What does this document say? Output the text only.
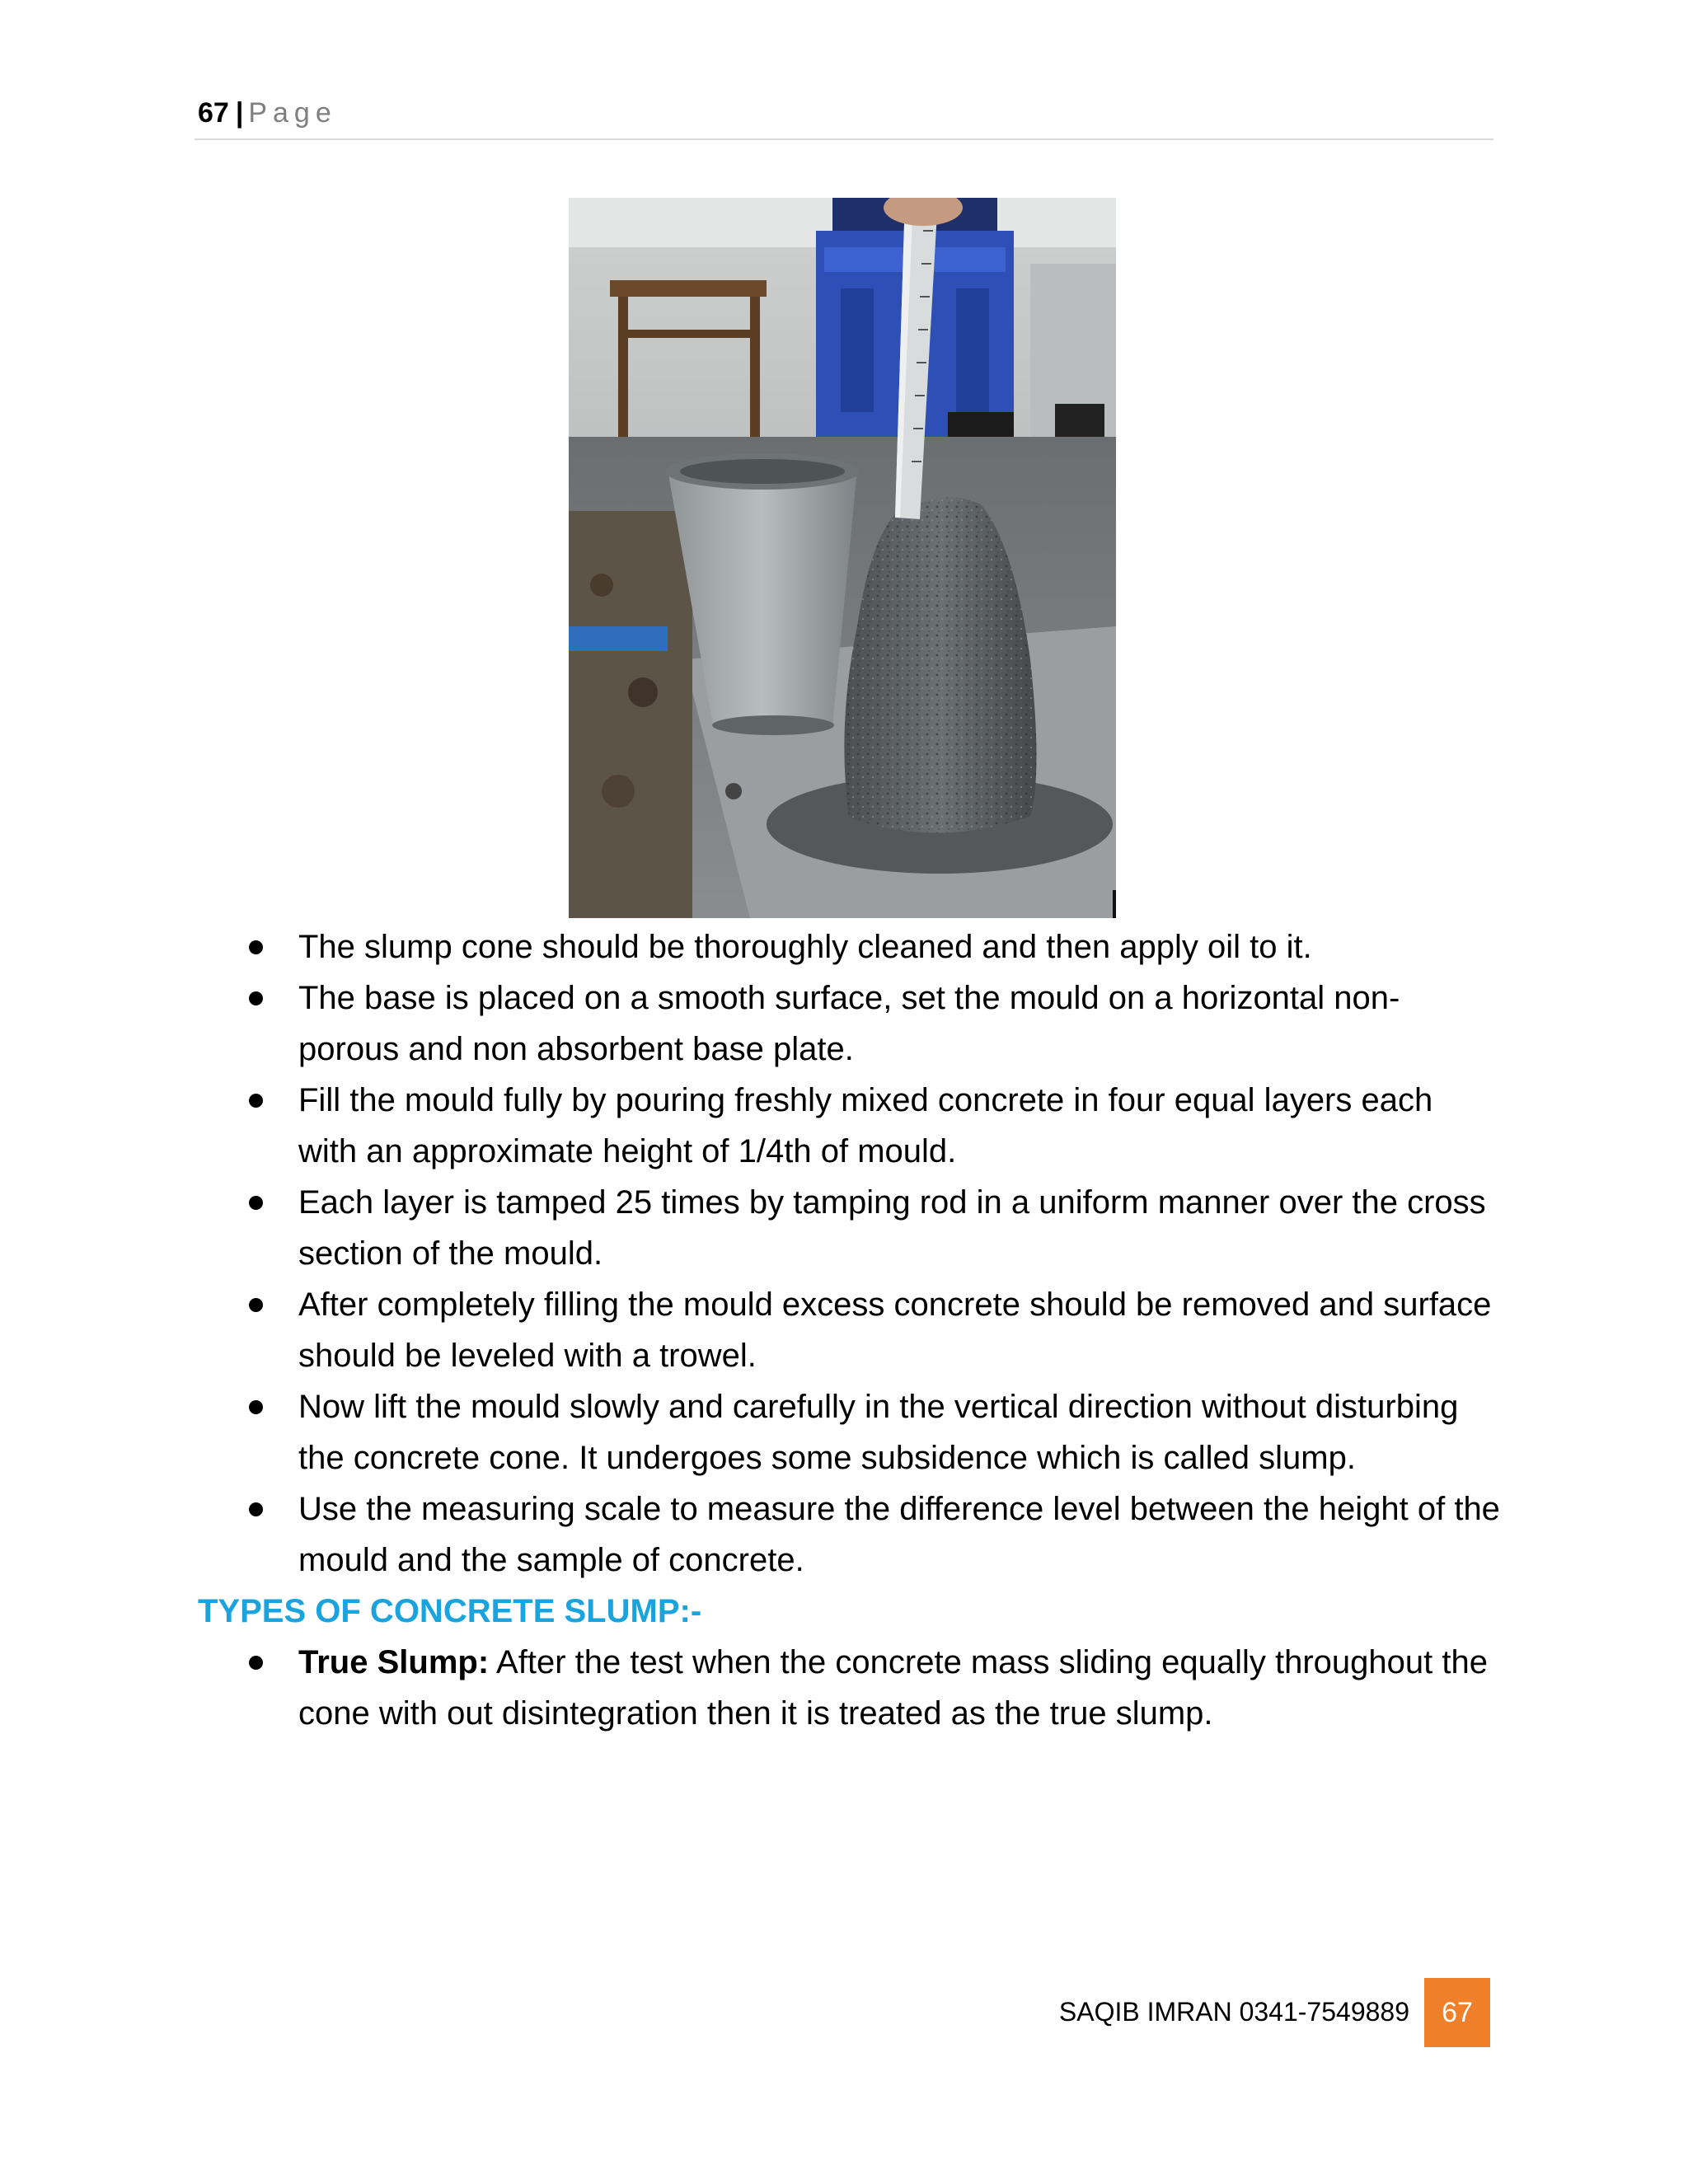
67 | Page
The slump cone should be thoroughly cleaned and then apply oil to it.
The base is placed on a smooth surface, set the mould on a horizontal non-porous and non absorbent base plate.
Fill the mould fully by pouring freshly mixed concrete in four equal layers each with an approximate height of 1/4th of mould.
Each layer is tamped 25 times by tamping rod in a uniform manner over the cross section of the mould.
After completely filling the mould excess concrete should be removed and surface should be leveled with a trowel.
Now lift the mould slowly and carefully in the vertical direction without disturbing the concrete cone. It undergoes some subsidence which is called slump.
Use the measuring scale to measure the difference level between the height of the mould and the sample of concrete.

TYPES OF CONCRETE SLUMP:-

True Slump: After the test when the concrete mass sliding equally throughout the cone with out disintegration then it is treated as the true slump.
SAQIB IMRAN 0341-7549889	67
